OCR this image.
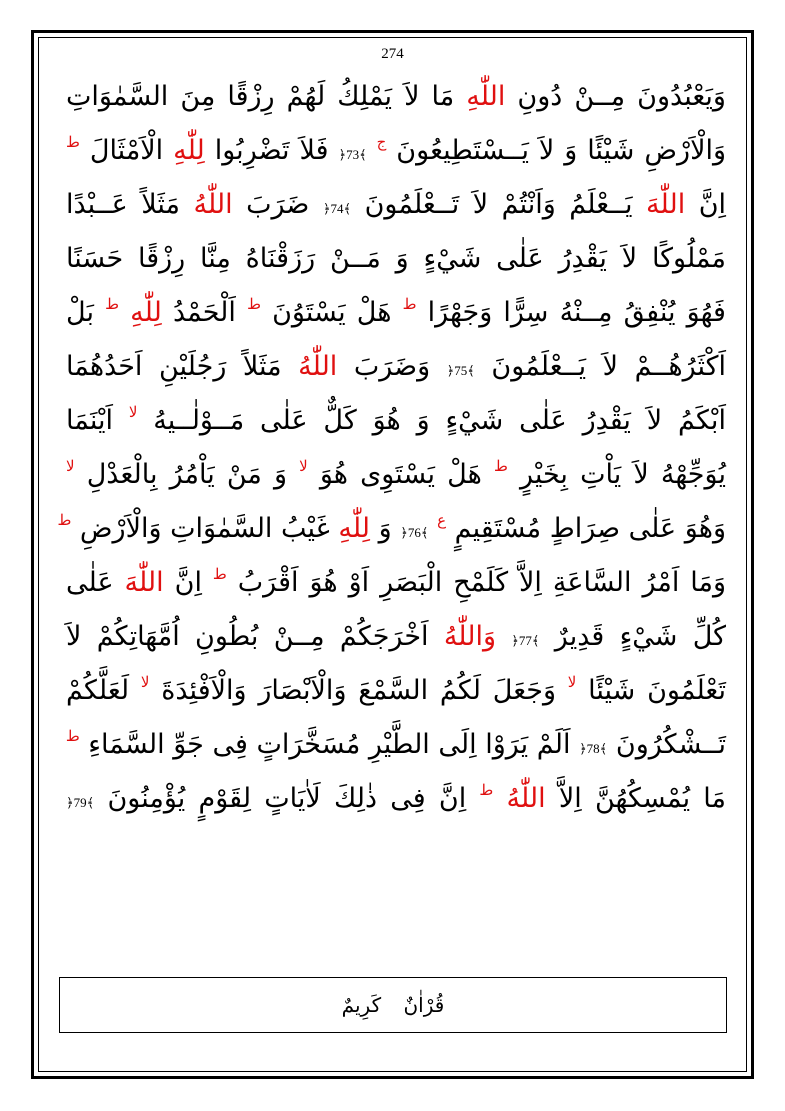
274
وَيَعْبُدُونَ مِــنْ دُونِ اللّٰهِ مَا لاَ يَمْلِكُ لَهُمْ رِزْقًا مِنَ السَّمٰوَاتِ
وَالْاَرْضِ شَيْئًا وَ لاَ يَــسْتَطِيعُونَ $^ج$ ﴿73﴾ فَلاَ تَضْرِبُوا لِلّٰهِ الْاَمْثَالَ $^ط$
اِنَّ اللّٰهَ يَــعْلَمُ وَاَنْتُمْ لاَ تَــعْلَمُونَ ﴿74﴾ ضَرَبَ اللّٰهُ مَثَلاً عَــبْدًا
مَمْلُوكًا لاَ يَقْدِرُ عَلٰى شَيْءٍ وَ مَــنْ رَزَقْنَاهُ مِنَّا رِزْقًا حَسَنًا
فَهُوَ يُنْفِقُ مِــنْهُ سِرًّا وَجَهْرًا $^ط$ هَلْ يَسْتَوُنَ $^ط$ اَلْحَمْدُ لِلّٰهِ $^ط$ بَلْ
اَكْثَرُهُــمْ لاَ يَــعْلَمُونَ ﴿75﴾ وَضَرَبَ اللّٰهُ مَثَلاً رَجُلَيْنِ اَحَدُهُمَا
اَبْكَمُ لاَ يَقْدِرُ عَلٰى شَيْءٍ وَ هُوَ كَلٌّ عَلٰى مَــوْلٰــيهُ $^{لا}$ اَيْنَمَا
يُوَجِّهْهُ لاَ يَاْتِ بِخَيْرٍ $^ط$ هَلْ يَسْتَوِى هُوَ $^{لا}$ وَ مَنْ يَاْمُرُ بِالْعَدْلِ $^{لا}$
وَهُوَ عَلٰى صِرَاطٍ مُسْتَقِيمٍ $^ع$ ﴿76﴾ وَ لِلّٰهِ غَيْبُ السَّمٰوَاتِ وَالْاَرْضِ $^ط$
وَمَا اَمْرُ السَّاعَةِ اِلاَّ كَلَمْحِ الْبَصَرِ اَوْ هُوَ اَقْرَبُ $^ط$ اِنَّ اللّٰهَ عَلٰى
كُلِّ شَيْءٍ قَدِيرٌ ﴿77﴾ وَاللّٰهُ اَخْرَجَكُمْ مِــنْ بُطُونِ اُمَّهَاتِكُمْ لاَ
تَعْلَمُونَ شَيْئًا $^{لا}$ وَجَعَلَ لَكُمُ السَّمْعَ وَالْاَبْصَارَ وَالْاَفْئِدَةَ $^{لا}$ لَعَلَّكُمْ
تَــشْكُرُونَ ﴿78﴾ اَلَمْ يَرَوْا اِلَى الطَّيْرِ مُسَخَّرَاتٍ فِى جَوِّ السَّمَاءِ $^ط$
مَا يُمْسِكُهُنَّ اِلاَّ اللّٰهُ $^ط$ اِنَّ فِى ذٰلِكَ لَاٰيَاتٍ لِقَوْمٍ يُؤْمِنُونَ ﴿79﴾
قُرْاٰنٌ كَرِيمٌ
